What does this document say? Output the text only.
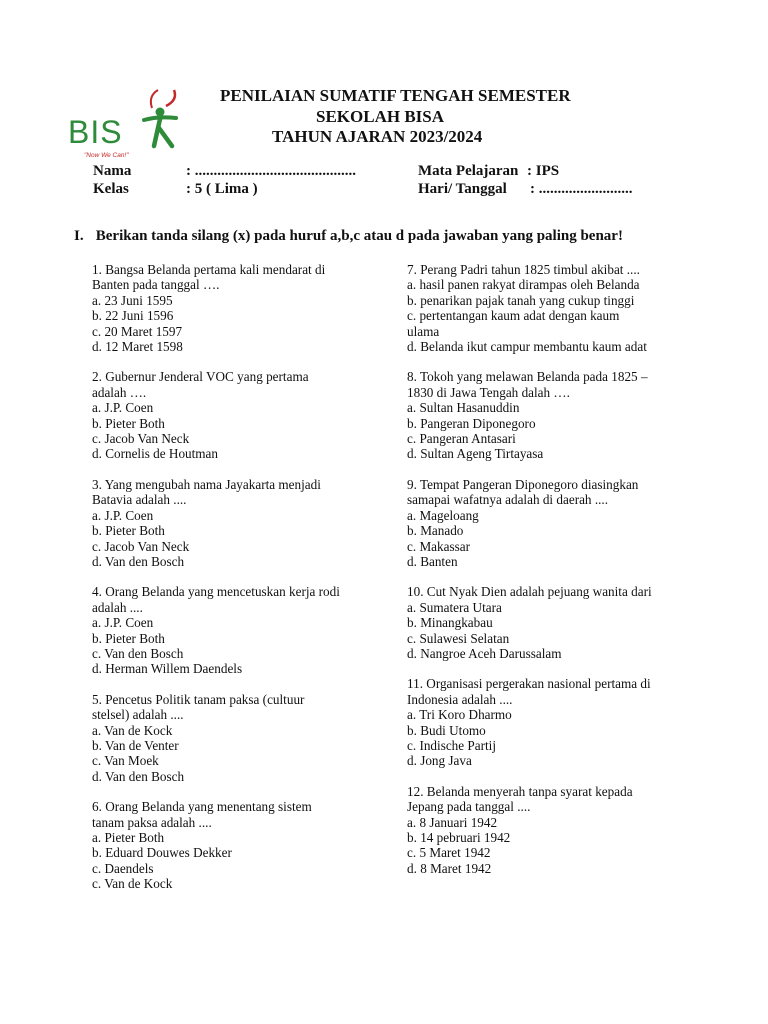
BIS
"Now We Can!"
PENILAIAN SUMATIF TENGAH SEMESTER
SEKOLAH BISA
TAHUN AJARAN 2023/2024
Nama	: ...........................................
Kelas	: 5 ( Lima )
Mata Pelajaran : IPS
Hari/ Tanggal : .........................
I. Berikan tanda silang (x) pada huruf a,b,c atau d pada jawaban yang paling benar!
1. Bangsa Belanda pertama kali mendarat di
Banten pada tanggal ….
a. 23 Juni 1595
b. 22 Juni 1596
c. 20 Maret 1597
d. 12 Maret 1598
2. Gubernur Jenderal VOC yang pertama
adalah ….
a. J.P. Coen
b. Pieter Both
c. Jacob Van Neck
d. Cornelis de Houtman
3. Yang mengubah nama Jayakarta menjadi
Batavia adalah ....
a. J.P. Coen
b. Pieter Both
c. Jacob Van Neck
d. Van den Bosch
4. Orang Belanda yang mencetuskan kerja rodi
adalah ....
a. J.P. Coen
b. Pieter Both
c. Van den Bosch
d. Herman Willem Daendels
5. Pencetus Politik tanam paksa (cultuur
stelsel) adalah ....
a. Van de Kock
b. Van de Venter
c. Van Moek
d. Van den Bosch
6. Orang Belanda yang menentang sistem
tanam paksa adalah ....
a. Pieter Both
b. Eduard Douwes Dekker
c. Daendels
c. Van de Kock
7. Perang Padri tahun 1825 timbul akibat ....
a. hasil panen rakyat dirampas oleh Belanda
b. penarikan pajak tanah yang cukup tinggi
c. pertentangan kaum adat dengan kaum
ulama
d. Belanda ikut campur membantu kaum adat
8. Tokoh yang melawan Belanda pada 1825 –
1830 di Jawa Tengah dalah ….
a. Sultan Hasanuddin
b. Pangeran Diponegoro
c. Pangeran Antasari
d. Sultan Ageng Tirtayasa
9. Tempat Pangeran Diponegoro diasingkan
samapai wafatnya adalah di daerah ....
a. Mageloang
b. Manado
c. Makassar
d. Banten
10. Cut Nyak Dien adalah pejuang wanita dari
a. Sumatera Utara
b. Minangkabau
c. Sulawesi Selatan
d. Nangroe Aceh Darussalam
11. Organisasi pergerakan nasional pertama di
Indonesia adalah ....
a. Tri Koro Dharmo
b. Budi Utomo
c. Indische Partij
d. Jong Java
12. Belanda menyerah tanpa syarat kepada
Jepang pada tanggal ....
a. 8 Januari 1942
b. 14 pebruari 1942
c. 5 Maret 1942
d. 8 Maret 1942
